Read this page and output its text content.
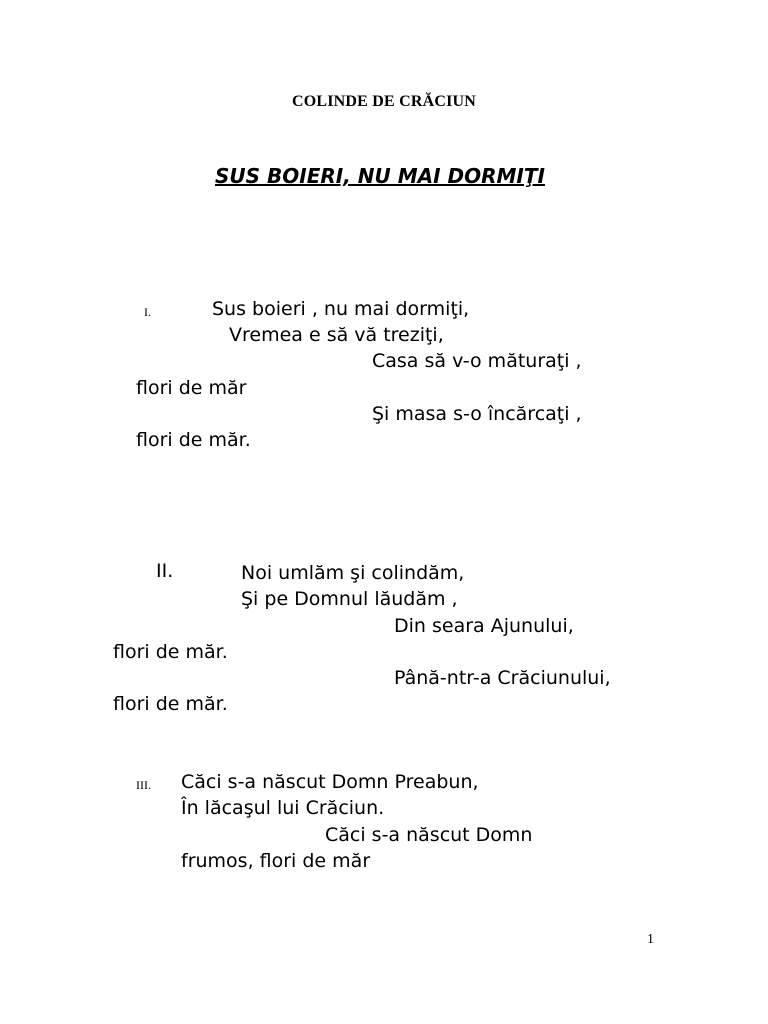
COLINDE DE CRĂCIUN
SUS BOIERI, NU MAI DORMIŢI
I.	Sus boieri , nu mai dormiţi,
Vremea e să vă treziţi,
Casa să v-o măturaţi ,
flori de măr
Şi masa s-o încărcaţi ,
flori de măr.
II.	Noi umlăm şi colindăm,
Şi pe Domnul lăudăm ,
Din seara Ajunului,
flori de măr.
Până-ntr-a Crăciunului,
flori de măr.
III. Căci s-a născut Domn Preabun,
În lăcaşul lui Crăciun.
Căci s-a născut Domn
frumos, flori de măr
1
